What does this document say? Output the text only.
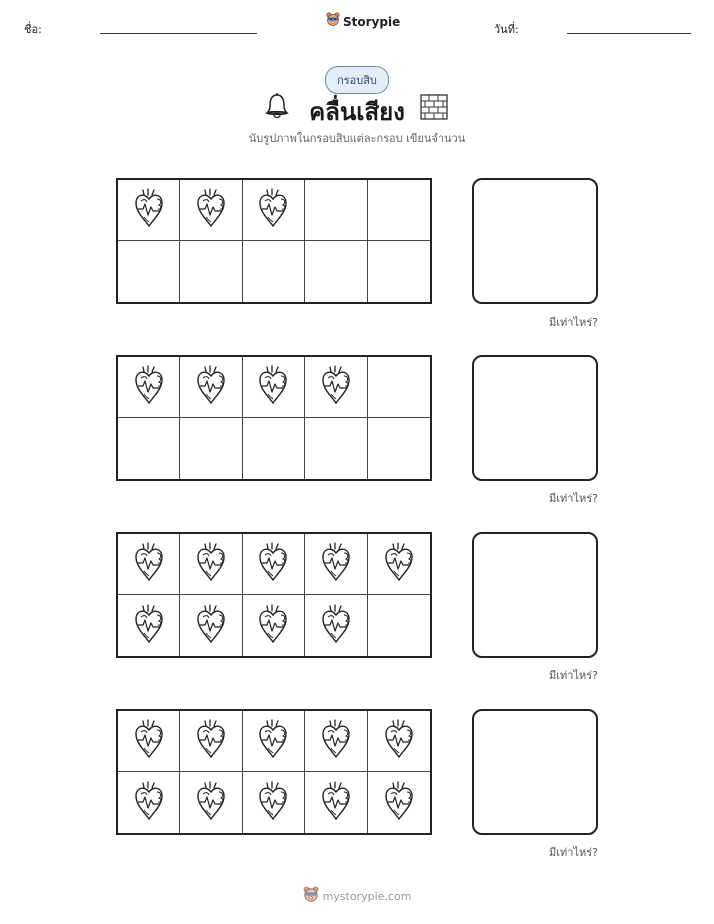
ชื่อ:
Storypie
วันที่:
กรอบสิบ
คลื่นเสียง
นับรูปภาพในกรอบสิบแต่ละกรอบ เขียนจำนวน
มีเท่าไหร่?
มีเท่าไหร่?
มีเท่าไหร่?
มีเท่าไหร่?
mystorypie.com
